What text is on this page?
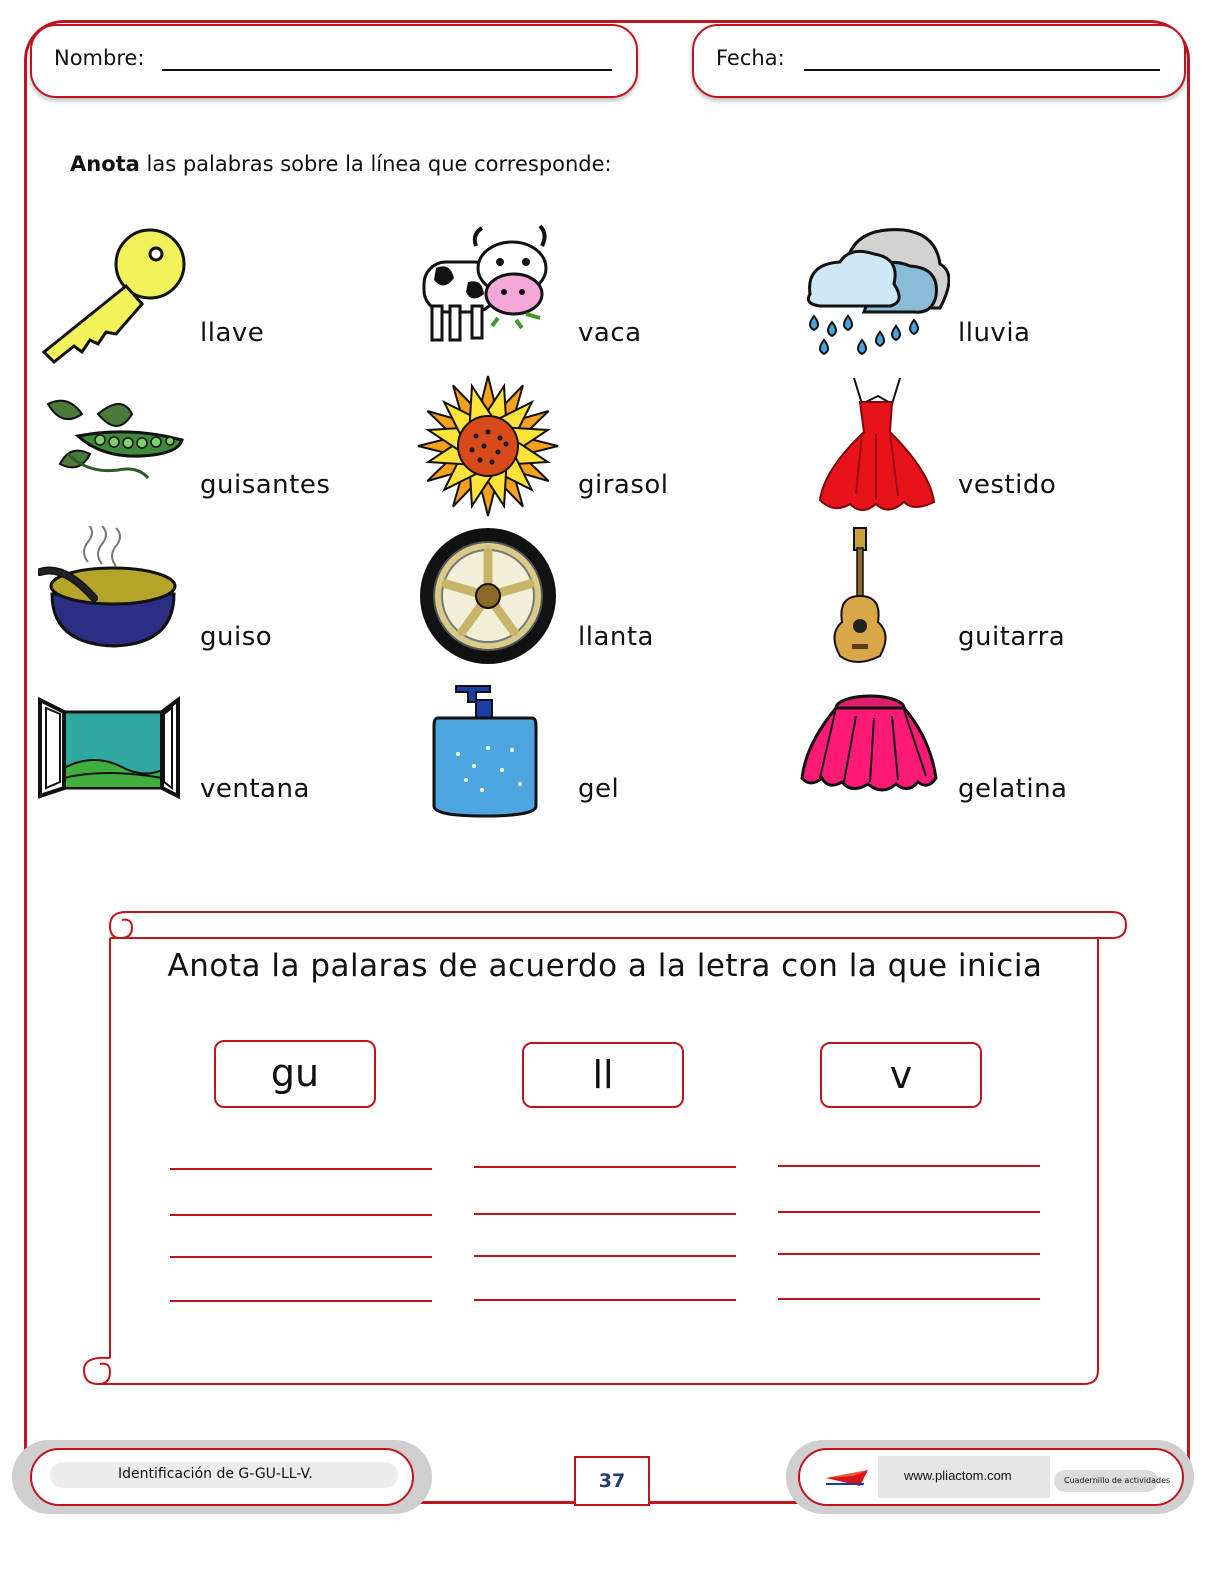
Nombre:	Fecha:
Anota las palabras sobre la línea que corresponde:
llave	vaca	lluvia
guisantes	girasol	vestido
guiso	llanta	guitarra
ventana	gel	gelatina
Anota la palaras de acuerdo a la letra con la que inicia
gu	ll	v
Identificación de G-GU-LL-V.	37	www.pliactom.com	Cuadernillo de actividades
